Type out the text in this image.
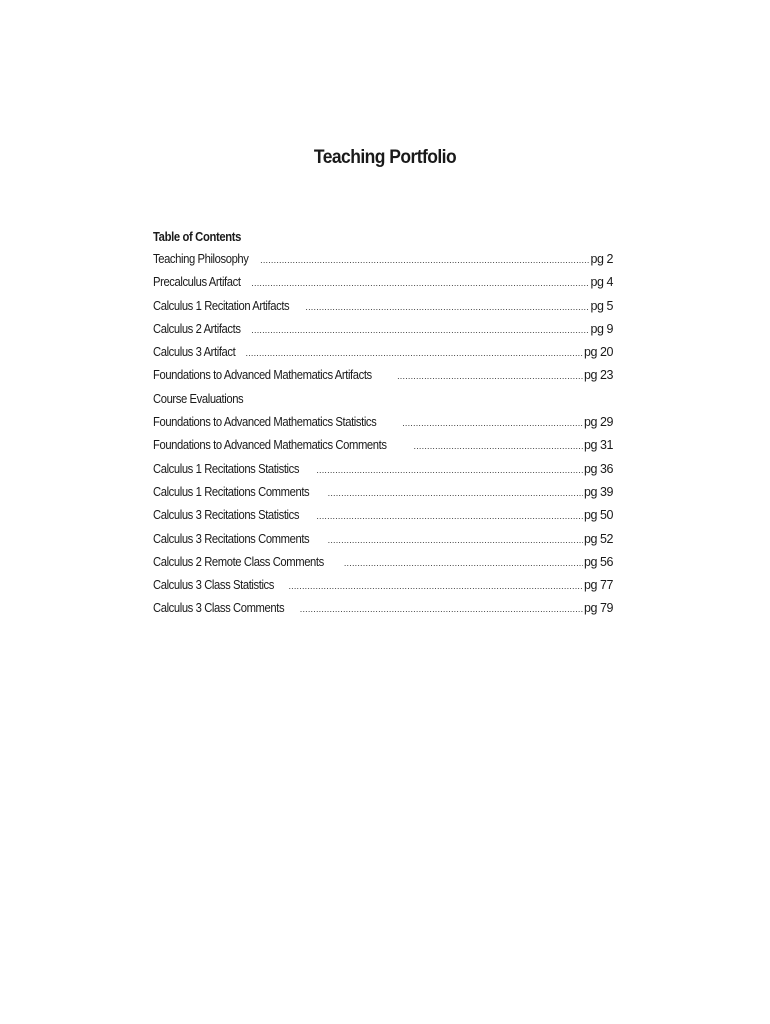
Teaching Portfolio
Table of Contents
Teaching Philosophy .....	pg 2
Precalculus Artifact .....	pg 4
Calculus 1 Recitation Artifacts .....	pg 5
Calculus 2 Artifacts .....	pg 9
Calculus 3 Artifact .....	pg 20
Foundations to Advanced Mathematics Artifacts .....	pg 23
Course Evaluations
Foundations to Advanced Mathematics Statistics .....	pg 29
Foundations to Advanced Mathematics Comments .....	pg 31
Calculus 1 Recitations Statistics .....	pg 36
Calculus 1 Recitations Comments .....	pg 39
Calculus 3 Recitations Statistics .....	pg 50
Calculus 3 Recitations Comments .....	pg 52
Calculus 2 Remote Class Comments .....	pg 56
Calculus 3 Class Statistics .....	pg 77
Calculus 3 Class Comments .....	pg 79
